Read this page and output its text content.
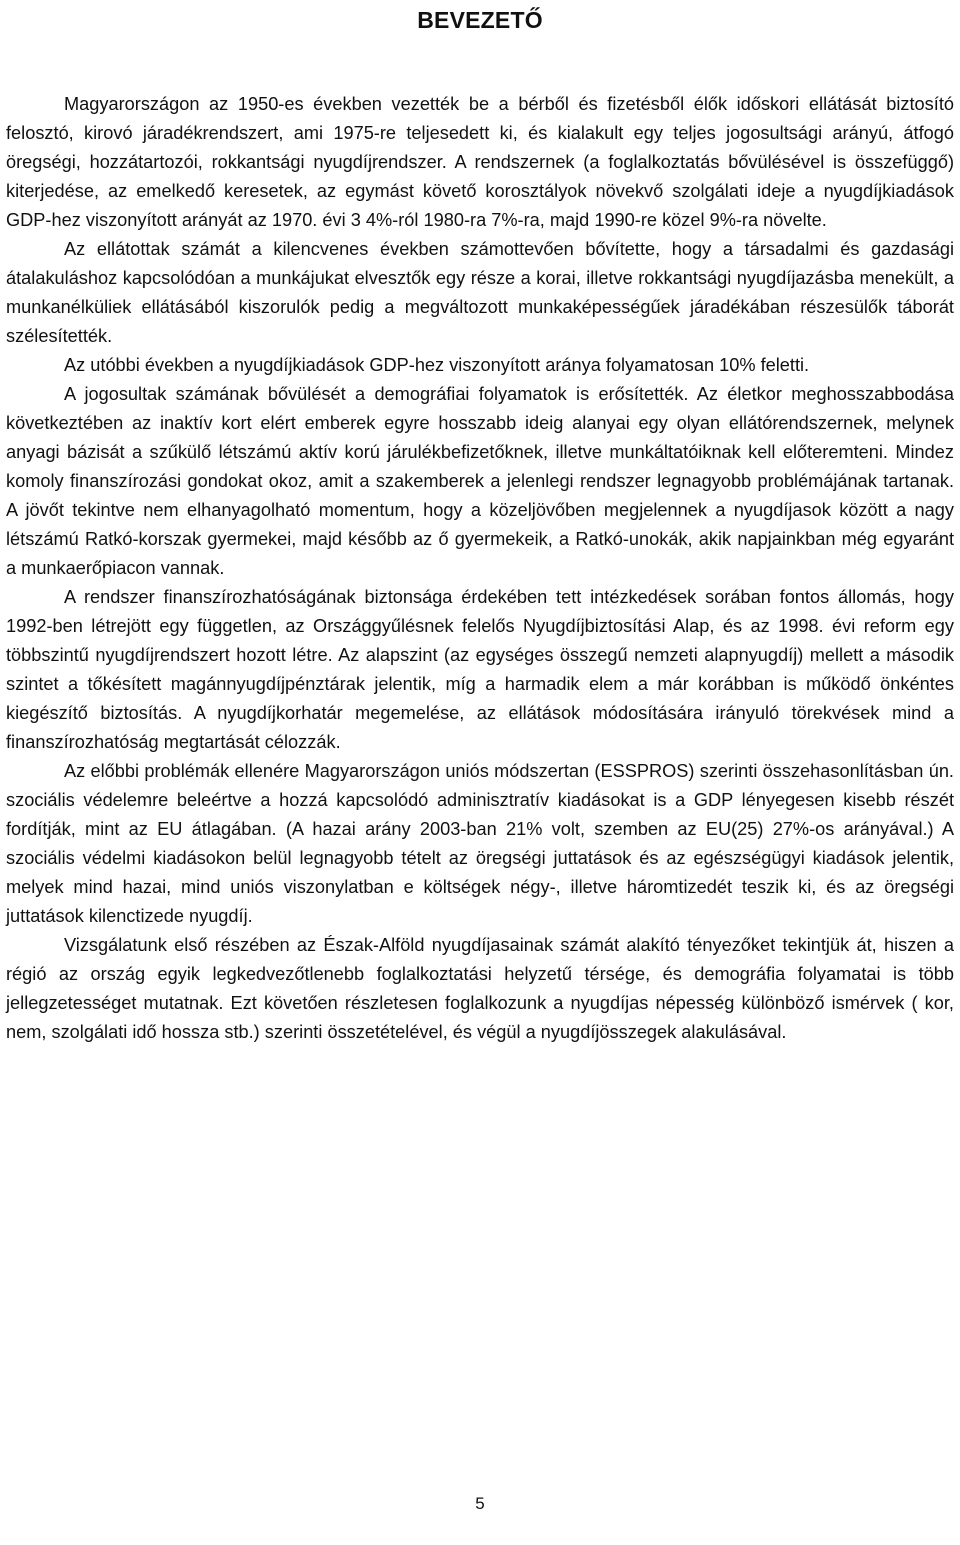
BEVEZETŐ

Magyarországon az 1950-es években vezették be a bérből és fizetésből élők időskori ellátását biztosító felosztó, kirovó járadékrendszert, ami 1975-re teljesedett ki, és kialakult egy teljes jogosultsági arányú, átfogó öregségi, hozzátartozói, rokkantsági nyugdíjrendszer. A rendszernek (a foglalkoztatás bővülésével is összefüggő) kiterjedése, az emelkedő keresetek, az egymást követő korosztályok növekvő szolgálati ideje a nyugdíjkiadások GDP-hez viszonyított arányát az 1970. évi 3 4%-ról 1980-ra 7%-ra, majd 1990-re közel 9%-ra növelte.

Az ellátottak számát a kilencvenes években számottevően bővítette, hogy a társadalmi és gazdasági átalakuláshoz kapcsolódóan a munkájukat elvesztők egy része a korai, illetve rokkantsági nyugdíjazásba menekült, a munkanélküliek ellátásából kiszorulók pedig a megváltozott munkaképességűek járadékában részesülők táborát szélesítették.

Az utóbbi években a nyugdíjkiadások GDP-hez viszonyított aránya folyamatosan 10% feletti.

A jogosultak számának bővülését a demográfiai folyamatok is erősítették. Az életkor meghosszabbodása következtében az inaktív kort elért emberek egyre hosszabb ideig alanyai egy olyan ellátórendszernek, melynek anyagi bázisát a szűkülő létszámú aktív korú járulékbefizetőknek, illetve munkáltatóiknak kell előteremteni. Mindez komoly finanszírozási gondokat okoz, amit a szakemberek a jelenlegi rendszer legnagyobb problémájának tartanak. A jövőt tekintve nem elhanyagolható momentum, hogy a közeljövőben megjelennek a nyugdíjasok között a nagy létszámú Ratkó-korszak gyermekei, majd később az ő gyermekeik, a Ratkó-unokák, akik napjainkban még egyaránt a munkaerőpiacon vannak.

A rendszer finanszírozhatóságának biztonsága érdekében tett intézkedések sorában fontos állomás, hogy 1992-ben létrejött egy független, az Országgyűlésnek felelős Nyugdíjbiztosítási Alap, és az 1998. évi reform egy többszintű nyugdíjrendszert hozott létre. Az alapszint (az egységes összegű nemzeti alapnyugdíj) mellett a második szintet a tőkésített magánnyugdíjpénztárak jelentik, míg a harmadik elem a már korábban is működő önkéntes kiegészítő biztosítás. A nyugdíjkorhatár megemelése, az ellátások módosítására irányuló törekvések mind a finanszírozhatóság megtartását célozzák.

Az előbbi problémák ellenére Magyarországon uniós módszertan (ESSPROS) szerinti összehasonlításban ún. szociális védelemre beleértve a hozzá kapcsolódó adminisztratív kiadásokat is a GDP lényegesen kisebb részét fordítják, mint az EU átlagában. (A hazai arány 2003-ban 21% volt, szemben az EU(25) 27%-os arányával.) A szociális védelmi kiadásokon belül legnagyobb tételt az öregségi juttatások és az egészségügyi kiadások jelentik, melyek mind hazai, mind uniós viszonylatban e költségek négy-, illetve háromtizedét teszik ki, és az öregségi juttatások kilenctizede nyugdíj.

Vizsgálatunk első részében az Észak-Alföld nyugdíjasainak számát alakító tényezőket tekintjük át, hiszen a régió az ország egyik legkedvezőtlenebb foglalkoztatási helyzetű térsége, és demográfia folyamatai is több jellegzetességet mutatnak. Ezt követően részletesen foglalkozunk a nyugdíjas népesség különböző ismérvek ( kor, nem, szolgálati idő hossza stb.) szerinti összetételével, és végül a nyugdíjösszegek alakulásával.

5
